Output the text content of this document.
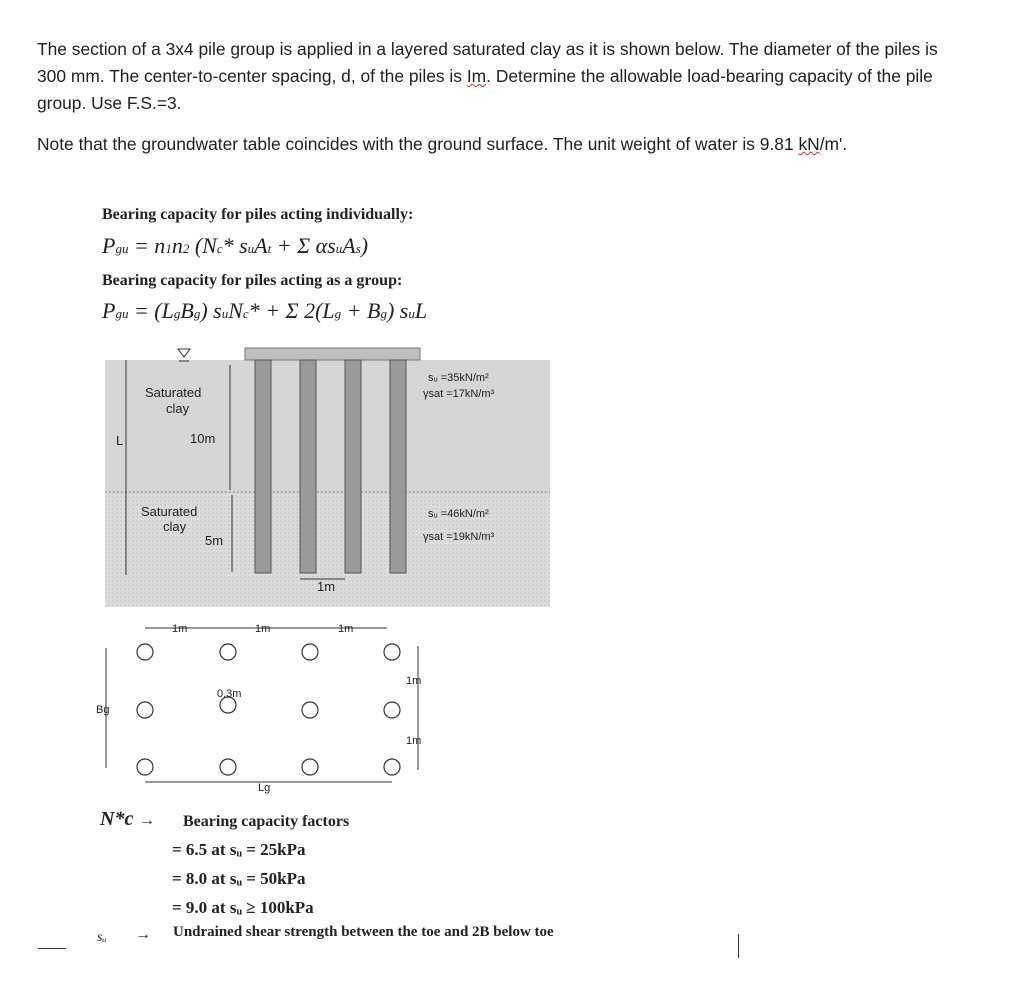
The section of a 3x4 pile group is applied in a layered saturated clay as it is shown below. The diameter of the piles is 300 mm. The center-to-center spacing, d, of the piles is Im. Determine the allowable load-bearing capacity of the pile group. Use F.S.=3.

Note that the groundwater table coincides with the ground surface. The unit weight of water is 9.81 kN/m'.

Bearing capacity for piles acting individually:
Pgu = n1n2 (Nc* suAt + Σ αsuAs)
Bearing capacity for piles acting as a group:
Pgu = (LgBg) suNc* + Σ 2(Lg + Bg) suL
L	10m
5m
Saturated
clay
Saturated
clay
sᵤ =35kN/m²
γsat =17kN/m³
sᵤ =46kN/m²
γsat =19kN/m³
1m
1m	1m	1m
0.3m
Bg
1m
1m
Lg
N*c → Bearing capacity factors
= 6.5 at sᵤ = 25kPa
= 8.0 at sᵤ = 50kPa
= 9.0 at sᵤ ≥ 100kPa
sᵤ → Undrained shear strength between the toe and 2B below toe
